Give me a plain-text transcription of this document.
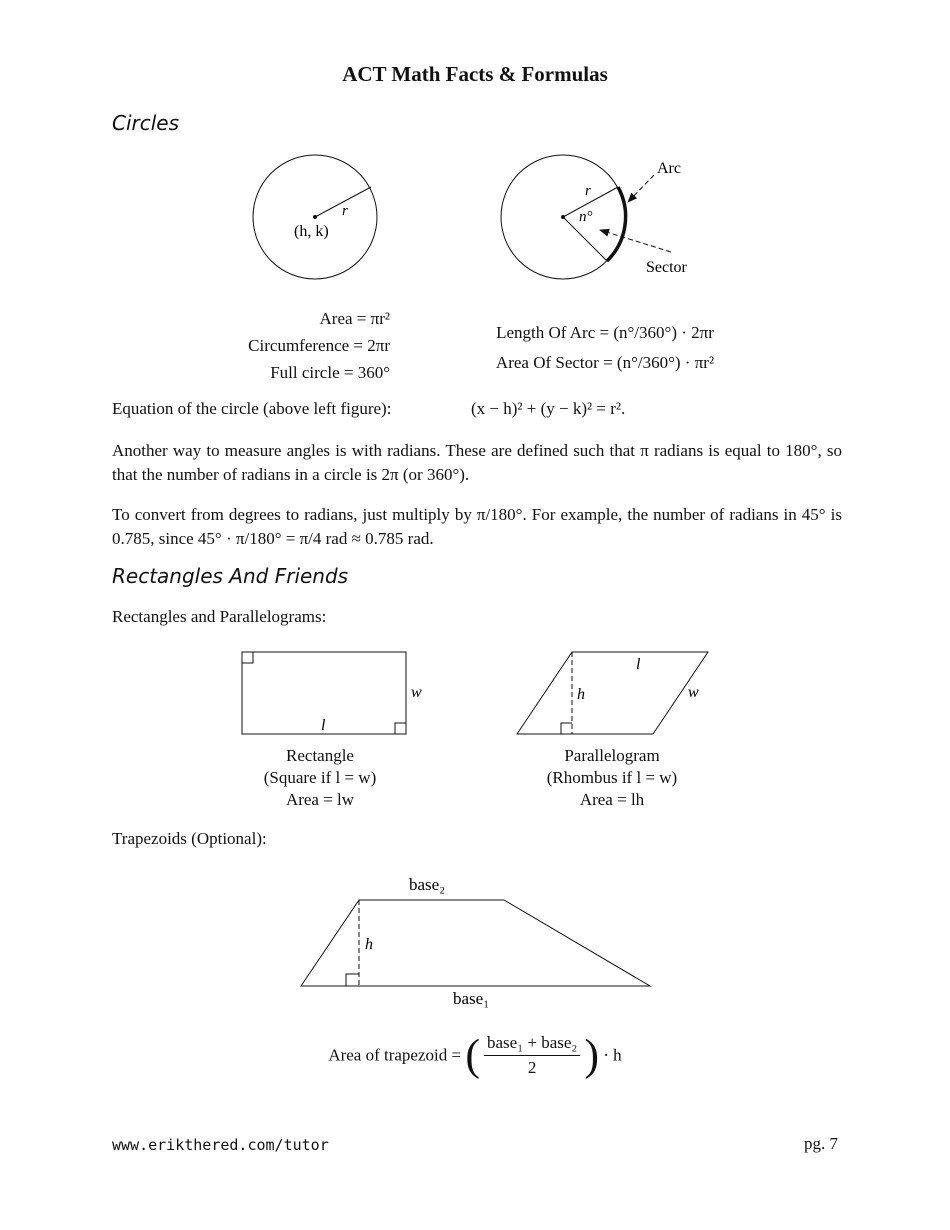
ACT Math Facts & Formulas
Circles
r
(h, k)
r
n°
Arc
Sector
Area = πr²
Circumference = 2πr
Full circle = 360°
Length Of Arc = (n°/360°) · 2πr
Area Of Sector = (n°/360°) · πr²
Equation of the circle (above left figure):	(x − h)² + (y − k)² = r².
Another way to measure angles is with radians. These are defined such that π radians is equal to 180°, so that the number of radians in a circle is 2π (or 360°).
To convert from degrees to radians, just multiply by π/180°. For example, the number of radians in 45° is 0.785, since 45° · π/180° = π/4 rad ≈ 0.785 rad.
Rectangles And Friends
Rectangles and Parallelograms:
w
l
Rectangle
(Square if l = w)
Area = lw
l
w
h
Parallelogram
(Rhombus if l = w)
Area = lh
Trapezoids (Optional):
base₂
base₁
h
Area of trapezoid = ( $\frac{\text{base₁ + base₂}}{2}$ ) · h
www.erikthered.com/tutor	pg. 7
